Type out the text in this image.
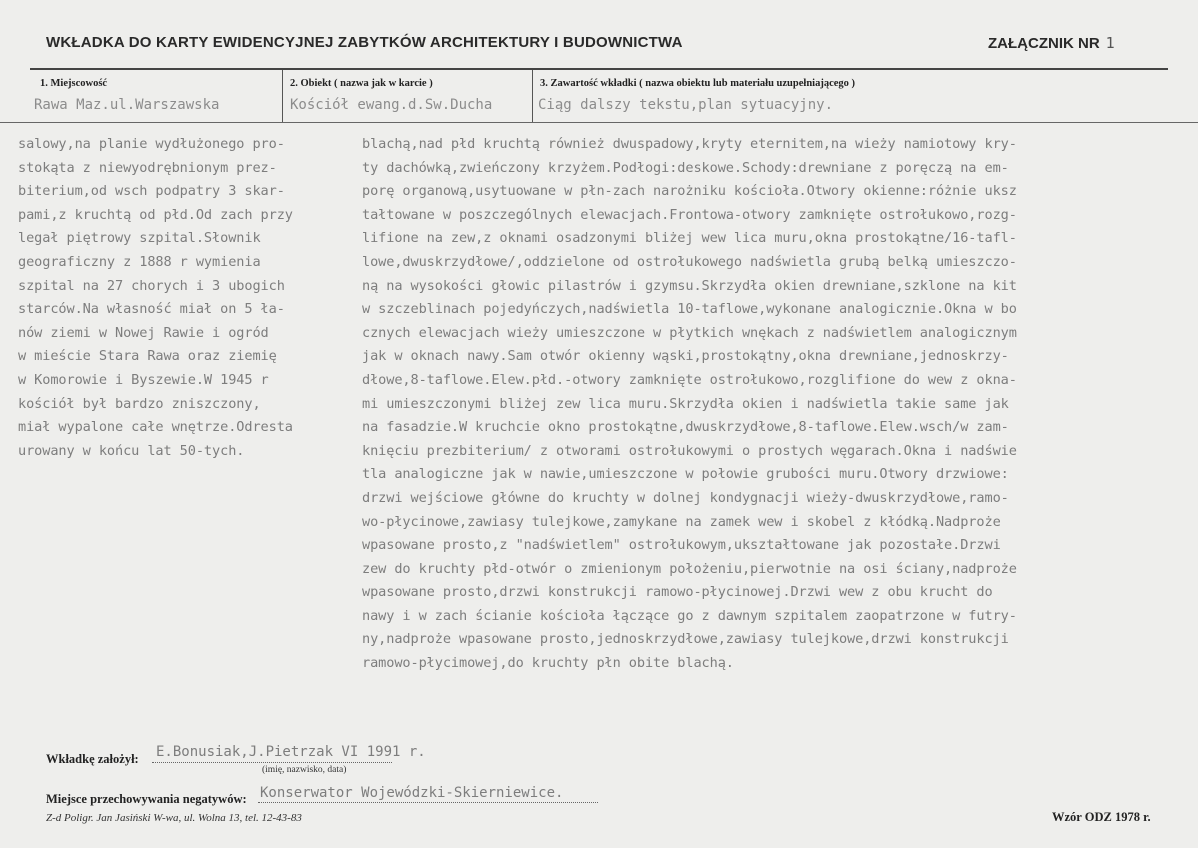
WKŁADKA DO KARTY EWIDENCYJNEJ ZABYTKÓW ARCHITEKTURY I BUDOWNICTWA	ZAŁĄCZNIK NR 1
1. Miejscowość	2. Obiekt ( nazwa jak w karcie )	3. Zawartość wkładki ( nazwa obiektu lub materiału uzupełniającego )
Rawa Maz.ul.Warszawska	Kościół ewang.d.Sw.Ducha	Ciąg dalszy tekstu,plan sytuacyjny.
salowy,na planie wydłużonego pro-
stokąta z niewyodrębnionym prez-
biterium,od wsch podpatry 3 skar-
pami,z kruchtą od płd.Od zach przy
legał piętrowy szpital.Słownik
geograficzny z 1888 r wymienia
szpital na 27 chorych i 3 ubogich
starców.Na własność miał on 5 ła-
nów ziemi w Nowej Rawie i ogród
w mieście Stara Rawa oraz ziemię
w Komorowie i Byszewie.W 1945 r
kościół był bardzo zniszczony,
miał wypalone całe wnętrze.Odresta
urowany w końcu lat 50-tych.
blachą,nad płd kruchtą również dwuspadowy,kryty eternitem,na wieży namiotowy kry-
ty dachówką,zwieńczony krzyżem.Podłogi:deskowe.Schody:drewniane z poręczą na em-
porę organową,usytuowane w płn-zach narożniku kościoła.Otwory okienne:różnie uksz
tałtowane w poszczególnych elewacjach.Frontowa-otwory zamknięte ostrołukowo,rozg-
lifione na zew,z oknami osadzonymi bliżej wew lica muru,okna prostokątne/16-tafl-
lowe,dwuskrzydłowe/,oddzielone od ostrołukowego nadświetla grubą belką umieszczo-
ną na wysokości głowic pilastrów i gzymsu.Skrzydła okien drewniane,szklone na kit
w szczeblinach pojedyńczych,nadświetla 10-taflowe,wykonane analogicznie.Okna w bo
cznych elewacjach wieży umieszczone w płytkich wnękach z nadświetlem analogicznym
jak w oknach nawy.Sam otwór okienny wąski,prostokątny,okna drewniane,jednoskrzy-
dłowe,8-taflowe.Elew.płd.-otwory zamknięte ostrołukowo,rozglifione do wew z okna-
mi umieszczonymi bliżej zew lica muru.Skrzydła okien i nadświetla takie same jak
na fasadzie.W kruchcie okno prostokątne,dwuskrzydłowe,8-taflowe.Elew.wsch/w zam-
knięciu prezbiterium/ z otworami ostrołukowymi o prostych węgarach.Okna i nadświe
tla analogiczne jak w nawie,umieszczone w połowie grubości muru.Otwory drzwiowe:
drzwi wejściowe główne do kruchty w dolnej kondygnacji wieży-dwuskrzydłowe,ramo-
wo-płycinowe,zawiasy tulejkowe,zamykane na zamek wew i skobel z kłódką.Nadproże
wpasowane prosto,z "nadświetlem" ostrołukowym,ukształtowane jak pozostałe.Drzwi
zew do kruchty płd-otwór o zmienionym położeniu,pierwotnie na osi ściany,nadproże
wpasowane prosto,drzwi konstrukcji ramowo-płycinowej.Drzwi wew z obu krucht do
nawy i w zach ścianie kościoła łączące go z dawnym szpitalem zaopatrzone w futry-
ny,nadproże wpasowane prosto,jednoskrzydłowe,zawiasy tulejkowe,drzwi konstrukcji
ramowo-płycimowej,do kruchty płn obite blachą.
Wkładkę założył: E.Bonusiak,J.Pietrzak VI 1991 r.
(imię, nazwisko, data)
Miejsce przechowywania negatywów: Konserwator Wojewódzki-Skierniewice.
Z-d Poligr. Jan Jasiński W-wa, ul. Wolna 13, tel. 12-43-83	Wzór ODZ 1978 r.
